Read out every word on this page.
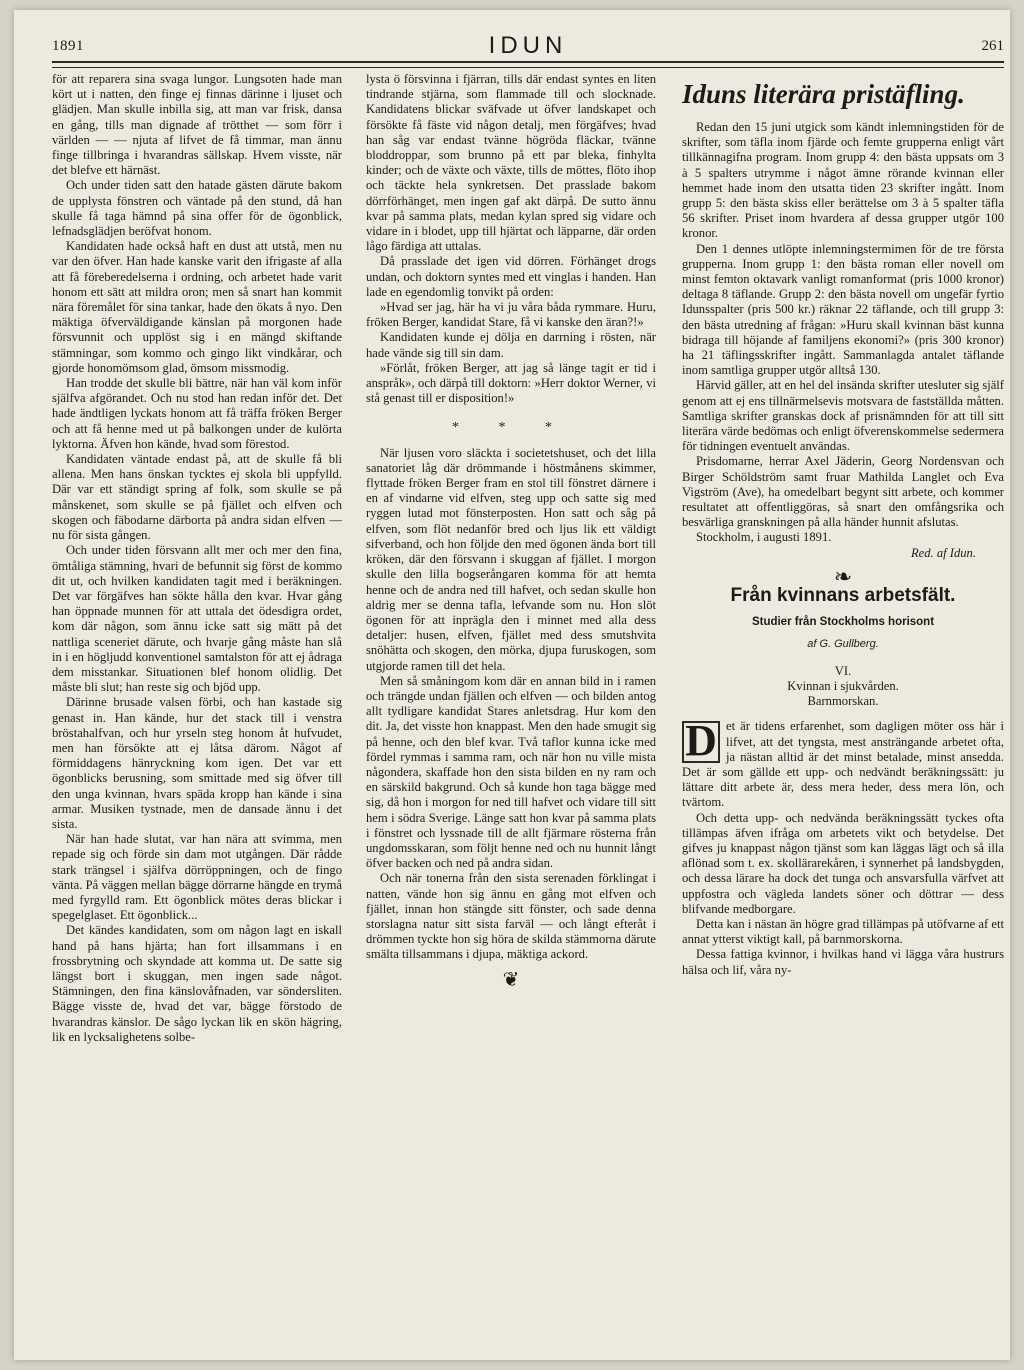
1891	IDUN	261

för att reparera sina svaga lungor. Lungsoten hade man kört ut i natten, den finge ej finnas därinne i ljuset och glädjen. Man skulle inbilla sig, att man var frisk, dansa en gång, tills man dignade af trötthet — som förr i världen — — njuta af lifvet de få timmar, man ännu finge tillbringa i hvarandras sällskap. Hvem visste, när det blefve ett härnäst.

Och under tiden satt den hatade gästen därute bakom de upplysta fönstren och väntade på den stund, då han skulle få taga hämnd på sina offer för de ögonblick, lefnadsglädjen beröfvat honom.

Kandidaten hade också haft en dust att utstå, men nu var den öfver. Han hade kanske varit den ifrigaste af alla att få föreberedelserna i ordning, och arbetet hade varit honom ett sätt att mildra oron; men så snart han kommit nära föremålet för sina tankar, hade den ökats å nyo. Den mäktiga öfverväldigande känslan på morgonen hade försvunnit och upplöst sig i en mängd skiftande stämningar, som kommo och gingo likt vindkårar, och gjorde honomömsom glad, ömsom missmodig.

Han trodde det skulle bli bättre, när han väl kom inför själfva afgörandet. Och nu stod han redan inför det. Det hade ändtligen lyckats honom att få träffa fröken Berger och att få henne med ut på balkongen under de kulörta lyktorna. Äfven hon kände, hvad som förestod.

Kandidaten väntade endast på, att de skulle få bli allena. Men hans önskan tycktes ej skola bli uppfylld. Där var ett ständigt spring af folk, som skulle se på månskenet, som skulle se på fjället och elfven och skogen och fäbodarne därborta på andra sidan elfven — nu för sista gången.

Och under tiden försvann allt mer och mer den fina, ömtåliga stämning, hvari de befunnit sig först de kommo dit ut, och hvilken kandidaten tagit med i beräkningen. Det var förgäfves han sökte hålla den kvar. Hvar gång han öppnade munnen för att uttala det ödesdigra ordet, kom där någon, som ännu icke satt sig mätt på det nattliga sceneriet därute, och hvarje gång måste han slå in i en högljudd konventionel samtalston för att ej ådraga dem misstankar. Situationen blef honom olidlig. Det måste bli slut; han reste sig och bjöd upp.

Därinne brusade valsen förbi, och han kastade sig genast in. Han kände, hur det stack till i venstra bröstahalfvan, och hur yrseln steg honom åt hufvudet, men han försökte att ej låtsa därom. Något af förmiddagens hänryckning kom igen. Det var ett ögonblicks berusning, som smittade med sig öfver till den unga kvinnan, hvars späda kropp han kände i sina armar. Musiken tystnade, men de dansade ännu i det sista.

När han hade slutat, var han nära att svimma, men repade sig och förde sin dam mot utgången. Där rådde stark trängsel i själfva dörröppningen, och de fingo vänta. På väggen mellan bägge dörrarne hängde en trymå med fyrgylld ram. Ett ögonblick mötes deras blickar i spegelglaset. Ett ögonblick...

Det kändes kandidaten, som om någon lagt en iskall hand på hans hjärta; han fort illsammans i en frossbrytning och skyndade att komma ut. De satte sig längst bort i skuggan, men ingen sade något. Stämningen, den fina känslovåfnaden, var sönderslitеn. Bägge visste de, hvad det var, bägge förstodo de hvarandras känslor. De sågo lyckan lik en skön hägring, lik en lycksalighetens solbe-

lysta ö försvinna i fjärran, tills där endast syntes en liten tindrande stjärna, som flammade till och slocknade. Kandidatens blickar sväfvade ut öfver landskapet och försökte få fäste vid någon detalj, men förgäfves; hvad han såg var endast tvänne högröda fläckar, tvänne bloddroppar, som brunno på ett par bleka, finhylta kinder; och de växte och växte, tills de möttes, flöto ihop och täckte hela synkretsen. Det prasslade bakom dörrförhänget, men ingen gaf akt därpå. De sutto ännu kvar på samma plats, medan kylan spred sig vidare och vidare in i blodet, upp till hjärtat och läpparne, där orden lågo färdiga att uttalas.

Då prasslade det igen vid dörren. Förhänget drogs undan, och doktorn syntes med ett vinglas i handen. Han lade en egendomlig tonvikt på orden:

»Hvad ser jag, här ha vi ju våra båda rymmare. Huru, fröken Berger, kandidat Stare, få vi kanske den äran?!»

Kandidaten kunde ej dölja en darrning i rösten, när hade vände sig till sin dam.

»Förlåt, fröken Berger, att jag så länge tagit er tid i anspråk», och därpå till doktorn: »Herr doktor Werner, vi stå genast till er disposition!»

* * *

När ljusen voro släckta i societetshuset, och det lilla sanatoriet låg där drömmande i höstmånens skimmer, flyttade fröken Berger fram en stol till fönstret därnere i en af vindarne vid elfven, steg upp och satte sig med ryggen lutad mot fönsterposten. Hon satt och såg på elfven, som flöt nedanför bred och ljus lik ett väldigt sifverband, och hon följde den med ögonen ända bort till kröken, där den försvann i skuggan af fjället. I morgon skulle den lilla bogserångaren komma för att hemta henne och de andra ned till hafvet, och sedan skulle hon aldrig mer se denna tafla, lefvande som nu. Hon slöt ögonen för att inprägla den i minnet med alla dess detaljer: husen, elfven, fjället med dess smutshvita snöhätta och skogen, den mörka, djupa furuskogen, som utgjorde ramen till det hela.

Men så småningom kom där en annan bild in i ramen och trängde undan fjällen och elfven — och bilden antog allt tydligare kandidat Stares anletsdrag. Hur kom den dit. Ja, det visste hon knappast. Men den hade smugit sig på henne, och den blef kvar. Två taflor kunna icke med fördel rymmas i samma ram, och när hon nu ville mista någondera, skaffade hon den sista bilden en ny ram och en särskild bakgrund. Och så kunde hon taga bägge med sig, då hon i morgon for ned till hafvet och vidare till sitt hem i södra Sverige. Länge satt hon kvar på samma plats i fönstret och lyssnade till de allt fjärmare rösterna från ungdomsskaran, som följt henne ned och nu hunnit långt öfver backen och ned på andra sidan.

Och när tonerna från den sista serenaden förklingat i natten, vände hon sig ännu en gång mot elfven och fjället, innan hon stängde sitt fönster, och sade denna storslagna natur sitt sista farväl — och långt efteråt i drömmen tyckte hon sig höra de skilda stämmorna därute smälta tillsammans i djupa, mäktiga ackord.

❦
Iduns literära pristäfling.

Redan den 15 juni utgick som kändt inlemningstiden för de skrifter, som täfla inom fjärde och femte grupperna enligt vårt tillkännagifna program. Inom grupp 4: den bästa uppsats om 3 à 5 spalters utrymme i något ämne rörande kvinnan eller hemmet hade inom den utsatta tiden 23 skrifter ingått. Inom grupp 5: den bästa skiss eller berättelse om 3 à 5 spalter täfla 56 skrifter. Priset inom hvardera af dessa grupper utgör 100 kronor.

Den 1 dennes utlöpte inlemningstermimen för de tre första grupperna. Inom grupp 1: den bästa roman eller novell om minst femton oktavark vanligt romanformat (pris 1000 kronor) deltaga 8 täflande. Grupp 2: den bästa novell om ungefär fyrtio Idunsspalter (pris 500 kr.) räknar 22 täflande, och till grupp 3: den bästa utredning af frågan: »Huru skall kvinnan bäst kunna bidraga till höjande af familjens ekonomi?» (pris 300 kronor) ha 21 täflingsskrifter ingått. Sammanlagda antalet täflande inom samtliga grupper utgör alltså 130.

Härvid gäller, att en hel del insända skrifter utesluter sig själf genom att ej ens tillnärmelsevis motsvara de fastställda måtten. Samtliga skrifter granskas dock af prisnämnden för att till sitt literära värde bedömas och enligt öfverenskommelse sedermera för tidningen eventuelt användas.

Prisdomarne, herrar Axel Jäderin, Georg Nordensvan och Birger Schöldström samt fruar Mathilda Langlet och Eva Vigström (Ave), ha omedelbart begynt sitt arbete, och kommer resultatet att offentliggöras, så snart den omfångsrika och besvärliga granskningen på alla händer hunnit afslutas.

Stockholm, i augusti 1891.

Red. af Idun.

❧
Från kvinnans arbetsfält.
Studier från Stockholms horisont
af G. Gullberg.

VI.

Kvinnan i sjukvården.

Barnmorskan.

D et är tidens erfarenhet, som dagligen möter oss här i lifvet, att det tyngsta, mest ansträngande arbetet ofta, ja nästan alltid är det minst betalade, minst ansedda. Det är som gällde ett upp- och nedvändt beräkningssätt: ju lättare ditt arbete är, dess mera heder, dess mera lön, och tvärtom.

Och detta upp- och nedvända beräkningssätt tyckes ofta tillämpas äfven ifråga om arbetets vikt och betydelse. Det gifves ju knappast någon tjänst som kan läggas lägt och så illa aflönad som t. ex. skollärarekåren, i synnerhet på landsbygden, och dessa lärare ha dock det tunga och ansvarsfulla värfvet att uppfostra och vägleda landets söner och döttrar — dess blifvande medborgare.

Detta kan i nästan än högre grad tillämpas på utöfvarne af ett annat ytterst viktigt kall, på barnmorskorna.

Dessa fattiga kvinnor, i hvilkas hand vi lägga våra hustrurs hälsa och lif, våra ny-
